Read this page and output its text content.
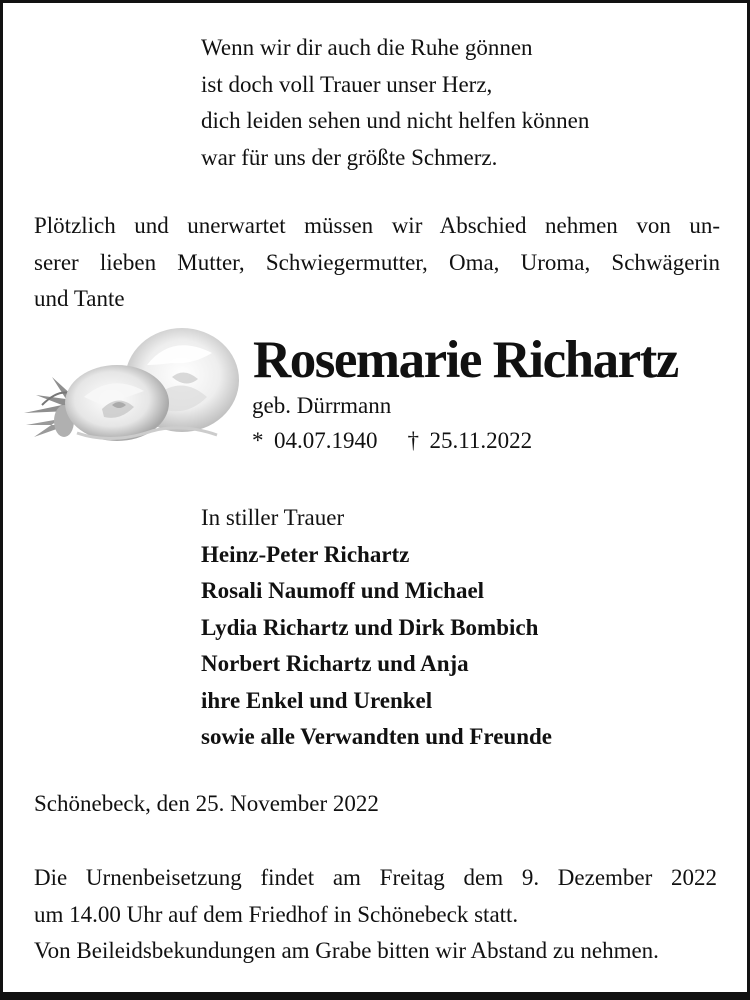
Wenn wir dir auch die Ruhe gönnen
ist doch voll Trauer unser Herz,
dich leiden sehen und nicht helfen können
war für uns der größte Schmerz.
Plötzlich und unerwartet müssen wir Abschied nehmen von un-
serer lieben Mutter, Schwiegermutter, Oma, Uroma, Schwägerin
und Tante
Rosemarie Richartz
geb. Dürrmann
* 04.07.1940 † 25.11.2022
In stiller Trauer
Heinz-Peter Richartz
Rosali Naumoff und Michael
Lydia Richartz und Dirk Bombich
Norbert Richartz und Anja
ihre Enkel und Urenkel
sowie alle Verwandten und Freunde
Schönebeck, den 25. November 2022
Die Urnenbeisetzung findet am Freitag dem 9. Dezember 2022
um 14.00 Uhr auf dem Friedhof in Schönebeck statt.
Von Beileidsbekundungen am Grabe bitten wir Abstand zu nehmen.
